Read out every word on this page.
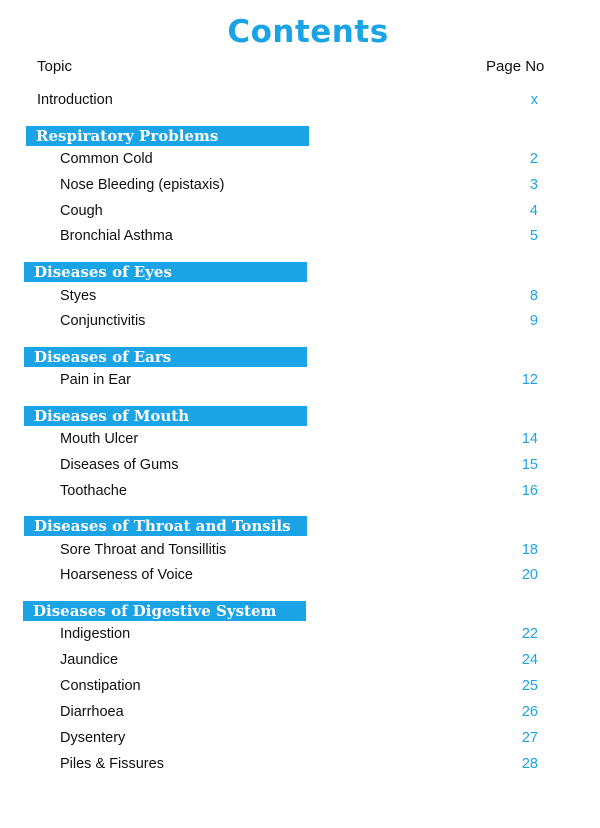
Contents
Topic	Page No
Introduction	x
Respiratory Problems
Common Cold	2
Nose Bleeding (epistaxis)	3
Cough	4
Bronchial Asthma	5
Diseases of Eyes
Styes	8
Conjunctivitis	9
Diseases of Ears
Pain in Ear	12
Diseases of Mouth
Mouth Ulcer	14
Diseases of Gums	15
Toothache	16
Diseases of Throat and Tonsils
Sore Throat and Tonsillitis	18
Hoarseness of Voice	20
Diseases of Digestive System
Indigestion	22
Jaundice	24
Constipation	25
Diarrhoea	26
Dysentery	27
Piles & Fissures	28
